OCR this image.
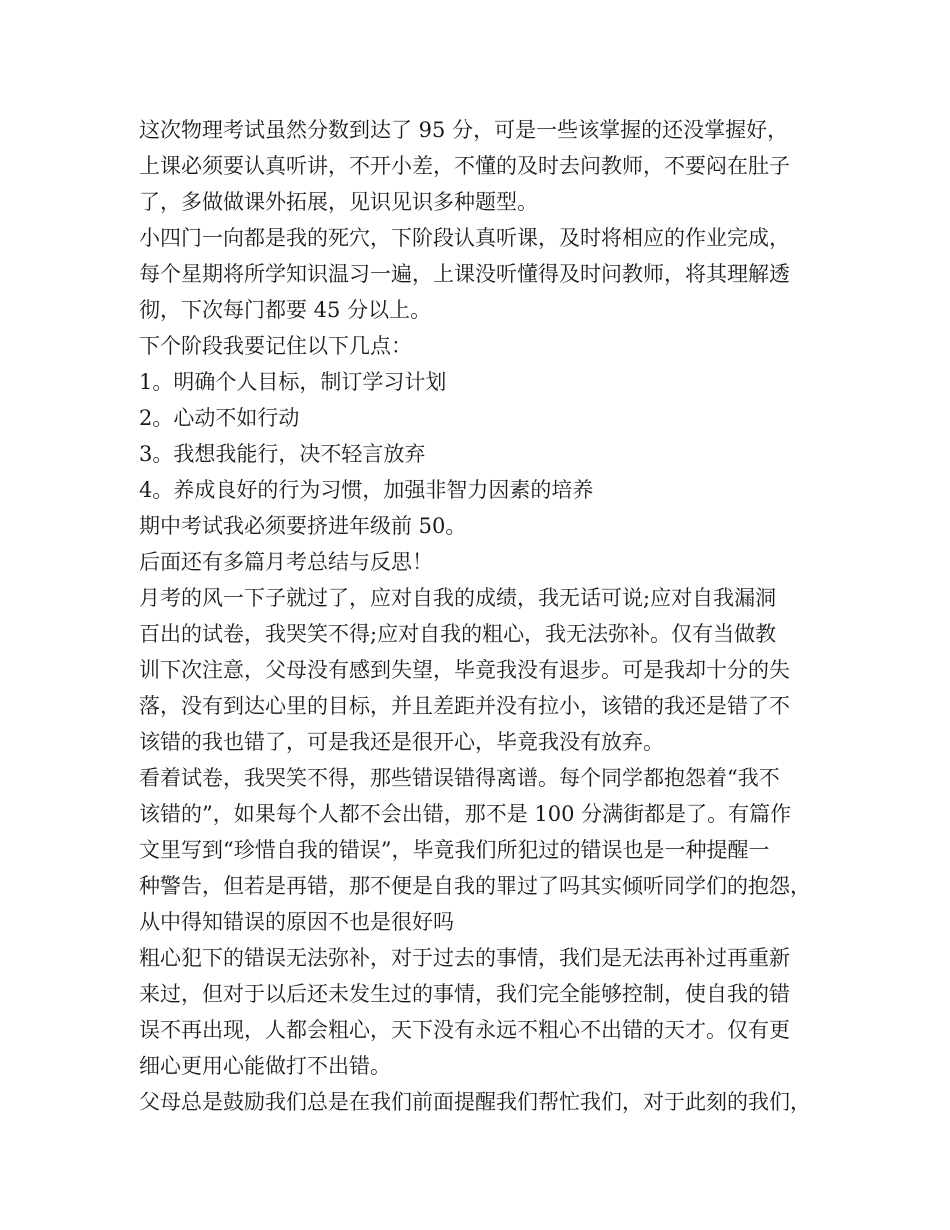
这次物理考试虽然分数到达了 95 分，可是一些该掌握的还没掌握好，
上课必须要认真听讲，不开小差，不懂的及时去问教师，不要闷在肚子
了，多做做课外拓展，见识见识多种题型。
小四门一向都是我的死穴，下阶段认真听课，及时将相应的作业完成，
每个星期将所学知识温习一遍，上课没听懂得及时问教师，将其理解透
彻，下次每门都要 45 分以上。
下个阶段我要记住以下几点：
1。明确个人目标，制订学习计划
2。心动不如行动
3。我想我能行，决不轻言放弃
4。养成良好的行为习惯，加强非智力因素的培养
期中考试我必须要挤进年级前 50。
后面还有多篇月考总结与反思！
月考的风一下子就过了，应对自我的成绩，我无话可说;应对自我漏洞
百出的试卷，我哭笑不得;应对自我的粗心，我无法弥补。仅有当做教
训下次注意，父母没有感到失望，毕竟我没有退步。可是我却十分的失
落，没有到达心里的目标，并且差距并没有拉小，该错的我还是错了不
该错的我也错了，可是我还是很开心，毕竟我没有放弃。
看着试卷，我哭笑不得，那些错误错得离谱。每个同学都抱怨着“我不
该错的”，如果每个人都不会出错，那不是 100 分满街都是了。有篇作
文里写到“珍惜自我的错误”，毕竟我们所犯过的错误也是一种提醒一
种警告，但若是再错，那不便是自我的罪过了吗其实倾听同学们的抱怨，
从中得知错误的原因不也是很好吗
粗心犯下的错误无法弥补，对于过去的事情，我们是无法再补过再重新
来过，但对于以后还未发生过的事情，我们完全能够控制，使自我的错
误不再出现，人都会粗心，天下没有永远不粗心不出错的天才。仅有更
细心更用心能做打不出错。
父母总是鼓励我们总是在我们前面提醒我们帮忙我们，对于此刻的我们，
